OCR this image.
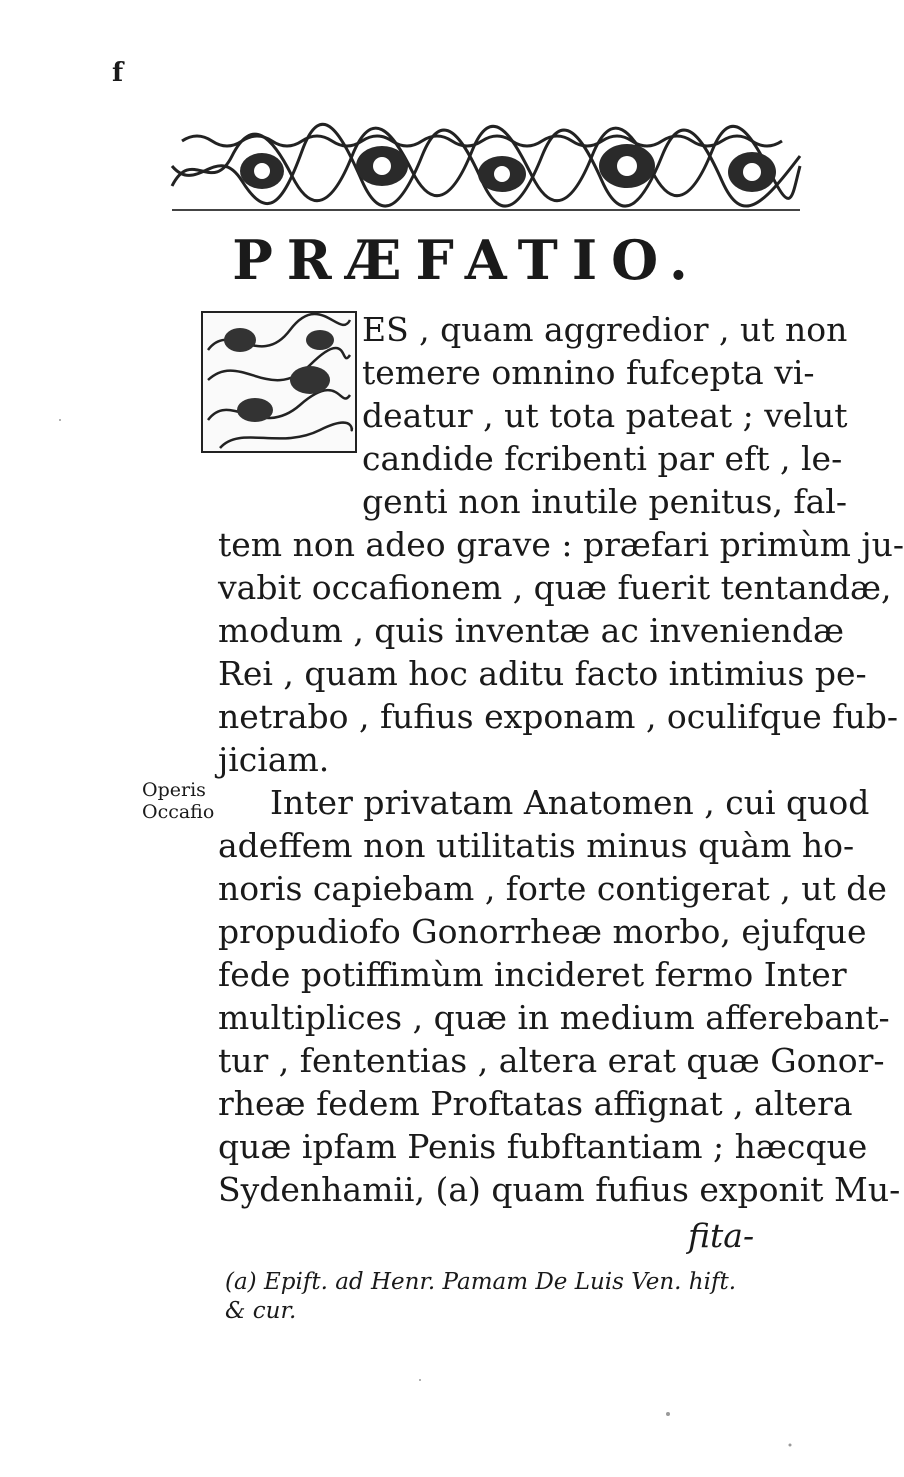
f
PRÆFATIO.
ES , quam aggredior , ut non
temere omnino fufcepta vi-
deatur , ut tota pateat ; velut
candide fcribenti par eft , le-
genti non inutile penitus, fal-
tem non adeo grave : præfari primùm ju-
vabit occafionem , quæ fuerit tentandæ,
modum , quis inventæ ac inveniendæ
Rei , quam hoc aditu facto intimius pe-
netrabo , fufius exponam , oculifque fub-
jiciam.
Inter privatam Anatomen , cui quod
adeffem non utilitatis minus quàm ho-
noris capiebam , forte contigerat , ut de
propudiofo Gonorrheæ morbo, ejufque
fede potiffimùm incideret fermo Inter
multiplices , quæ in medium afferebant-
tur , fententias , altera erat quæ Gonor-
rheæ fedem Proftatas affignat , altera
quæ ipfam Penis fubftantiam ; hæcque
Sydenhamii, (a) quam fufius exponit Mu-
Operis
Occafio
fita-
(a) Epift. ad Henr. Pamam De Luis Ven. hift.
& cur.
